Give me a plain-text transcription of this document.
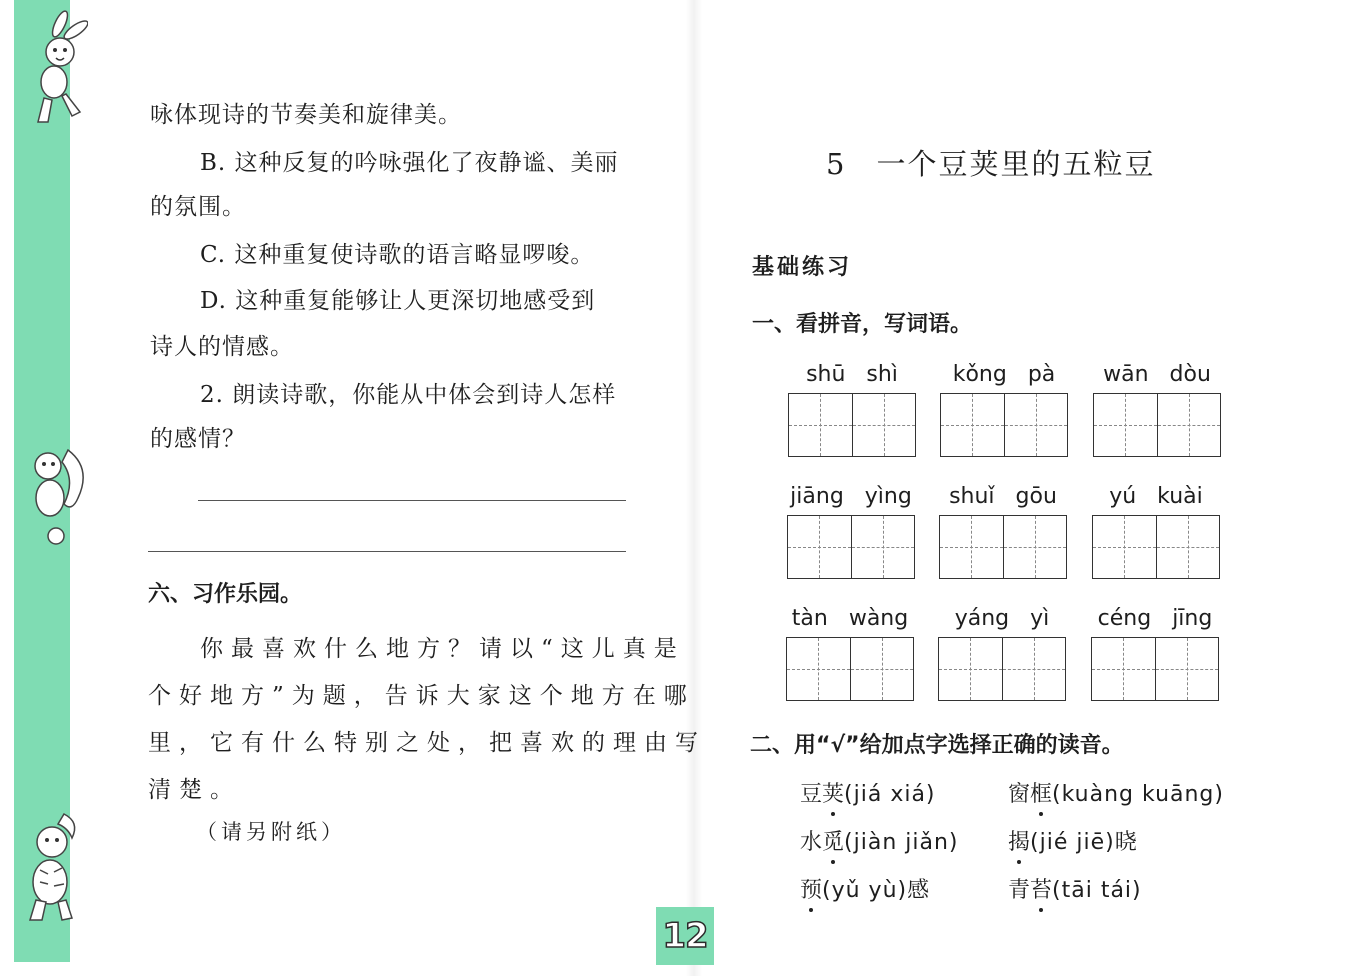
咏体现诗的节奏美和旋律美。
B. 这种反复的吟咏强化了夜静谧、美丽
的氛围。
C. 这种重复使诗歌的语言略显啰唆。
D. 这种重复能够让人更深切地感受到
诗人的情感。
2. 朗读诗歌，你能从中体会到诗人怎样
的感情？
六、习作乐园。
你最喜欢什么地方？请以“这儿真是
个好地方”为题，告诉大家这个地方在哪
里，它有什么特别之处，把喜欢的理由写
清楚。
（请另附纸）
12
5 一个豆荚里的五粒豆
基础练习
一、看拼音，写词语。
shū shì	kǒng pà	wān dòu
jiāng yìng	shuǐ gōu	yú kuài
tàn wàng	yáng yì	céng jīng
二、用“√”给加点字选择正确的读音。
豆荚(jiá xiá)	窗框(kuàng kuāng)
水觅(jiàn jiǎn) 揭(jié jiē)晓
预(yǔ yù)感	青苔(tāi tái)
